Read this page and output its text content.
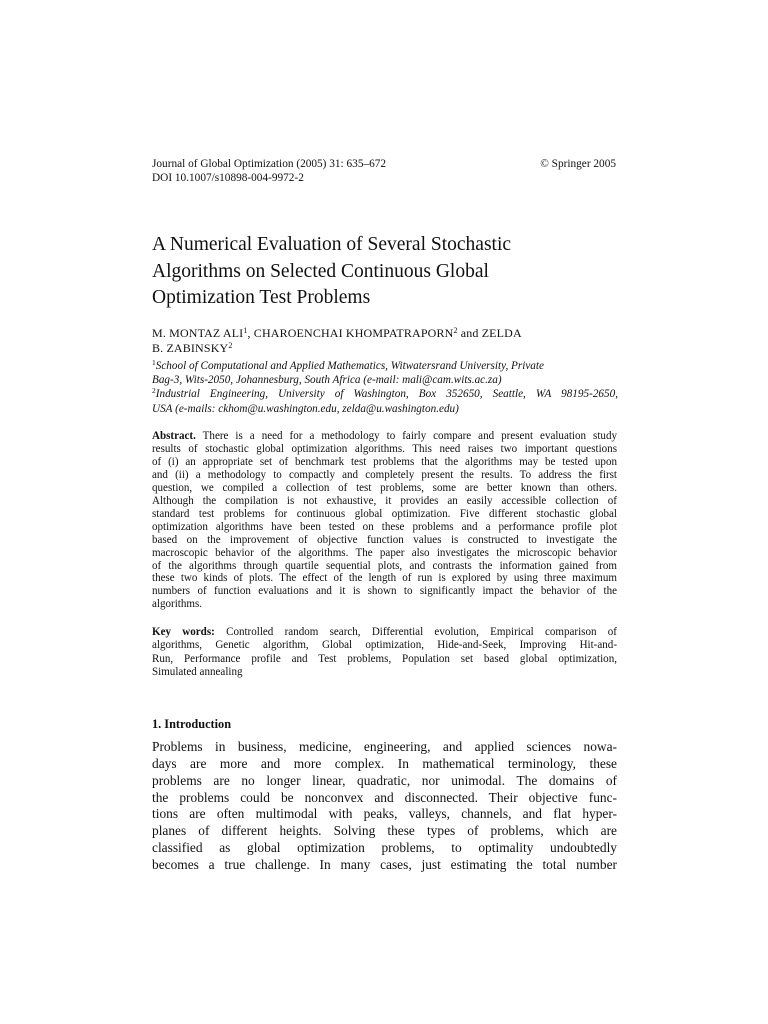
Journal of Global Optimization (2005) 31: 635–672	© Springer 2005
DOI 10.1007/s10898-004-9972-2
A Numerical Evaluation of Several Stochastic
Algorithms on Selected Continuous Global
Optimization Test Problems
M. MONTAZ ALI$^1$, CHAROENCHAI KHOMPATRAPORN$^2$ and ZELDA
B. ZABINSKY$^2$
$^1$School of Computational and Applied Mathematics, Witwatersrand University, Private
Bag-3, Wits-2050, Johannesburg, South Africa (e-mail: mali@cam.wits.ac.za)
$^2$Industrial Engineering, University of Washington, Box 352650, Seattle, WA 98195-2650,
USA (e-mails: ckhom@u.washington.edu, zelda@u.washington.edu)
Abstract. There is a need for a methodology to fairly compare and present evaluation study
results of stochastic global optimization algorithms. This need raises two important questions
of (i) an appropriate set of benchmark test problems that the algorithms may be tested upon
and (ii) a methodology to compactly and completely present the results. To address the first
question, we compiled a collection of test problems, some are better known than others.
Although the compilation is not exhaustive, it provides an easily accessible collection of
standard test problems for continuous global optimization. Five different stochastic global
optimization algorithms have been tested on these problems and a performance profile plot
based on the improvement of objective function values is constructed to investigate the
macroscopic behavior of the algorithms. The paper also investigates the microscopic behavior
of the algorithms through quartile sequential plots, and contrasts the information gained from
these two kinds of plots. The effect of the length of run is explored by using three maximum
numbers of function evaluations and it is shown to significantly impact the behavior of the
algorithms.
Key words: Controlled random search, Differential evolution, Empirical comparison of
algorithms, Genetic algorithm, Global optimization, Hide-and-Seek, Improving Hit-and-
Run, Performance profile and Test problems, Population set based global optimization,
Simulated annealing
1. Introduction
Problems in business, medicine, engineering, and applied sciences nowa-
days are more and more complex. In mathematical terminology, these
problems are no longer linear, quadratic, nor unimodal. The domains of
the problems could be nonconvex and disconnected. Their objective func-
tions are often multimodal with peaks, valleys, channels, and flat hyper-
planes of different heights. Solving these types of problems, which are
classified as global optimization problems, to optimality undoubtedly
becomes a true challenge. In many cases, just estimating the total number
